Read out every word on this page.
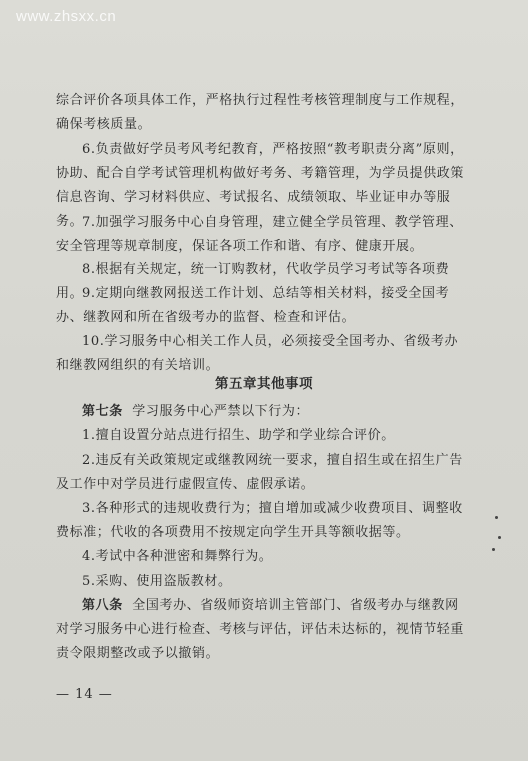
www.zhsxx.cn
综合评价各项具体工作，严格执行过程性考核管理制度与工作规程，确保考核质量。
6.负责做好学员考风考纪教育，严格按照“教考职责分离”原则，协助、配合自学考试管理机构做好考务、考籍管理，为学员提供政策信息咨询、学习材料供应、考试报名、成绩领取、毕业证申办等服务。
7.加强学习服务中心自身管理，建立健全学员管理、教学管理、安全管理等规章制度，保证各项工作和谐、有序、健康开展。
8.根据有关规定，统一订购教材，代收学员学习考试等各项费用。
9.定期向继教网报送工作计划、总结等相关材料，接受全国考办、继教网和所在省级考办的监督、检查和评估。
10.学习服务中心相关工作人员，必须接受全国考办、省级考办和继教网组织的有关培训。
第五章其他事项
第七条 学习服务中心严禁以下行为：
1.擅自设置分站点进行招生、助学和学业综合评价。
2.违反有关政策规定或继教网统一要求，擅自招生或在招生广告及工作中对学员进行虚假宣传、虚假承诺。
3.各种形式的违规收费行为；擅自增加或减少收费项目、调整收费标准；代收的各项费用不按规定向学生开具等额收据等。
4.考试中各种泄密和舞弊行为。
5.采购、使用盗版教材。
第八条 全国考办、省级师资培训主管部门、省级考办与继教网对学习服务中心进行检查、考核与评估，评估未达标的，视情节轻重责令限期整改或予以撤销。
— 14 —
